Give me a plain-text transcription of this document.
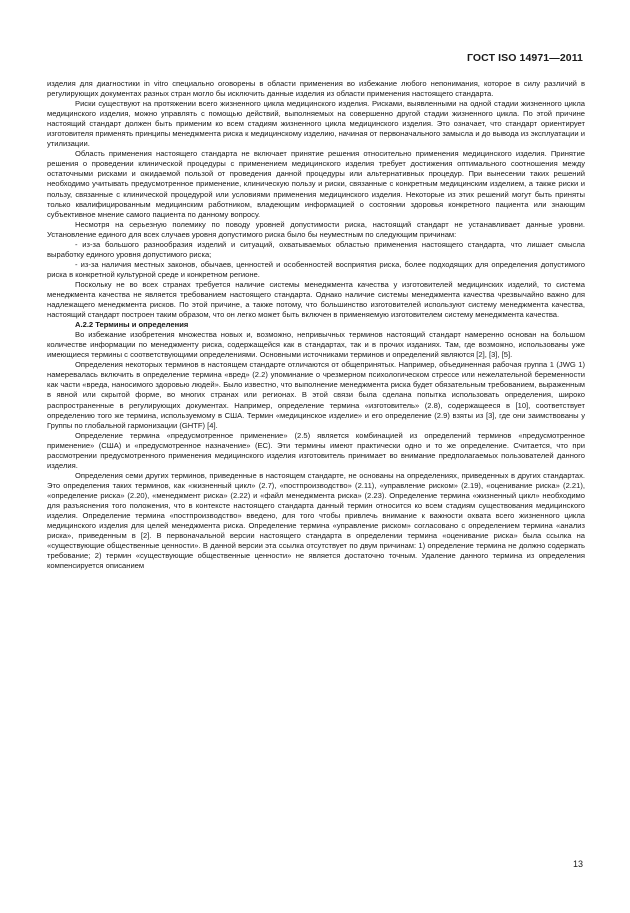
ГОСТ ISO 14971—2011

изделия для диагностики in vitro специально оговорены в области применения во избежание любого непонимания, которое в силу различий в регулирующих документах разных стран могло бы исключить данные изделия из области применения настоящего стандарта.

Риски существуют на протяжении всего жизненного цикла медицинского изделия. Рисками, выявленными на одной стадии жизненного цикла медицинского изделия, можно управлять с помощью действий, выполняемых на совершенно другой стадии жизненного цикла. По этой причине настоящий стандарт должен быть применим ко всем стадиям жизненного цикла медицинского изделия. Это означает, что стандарт ориентирует изготовителя применять принципы менеджмента риска к медицинскому изделию, начиная от первоначального замысла и до вывода из эксплуатации и утилизации.

Область применения настоящего стандарта не включает принятие решения относительно применения медицинского изделия. Принятие решения о проведении клинической процедуры с применением медицинского изделия требует достижения оптимального соотношения между остаточными рисками и ожидаемой пользой от проведения данной процедуры или альтернативных процедур. При вынесении таких решений необходимо учитывать предусмотренное применение, клиническую пользу и риски, связанные с конкретным медицинским изделием, а также риски и пользу, связанные с клинической процедурой или условиями применения медицинского изделия. Некоторые из этих решений могут быть приняты только квалифицированным медицинским работником, владеющим информацией о состоянии здоровья конкретного пациента или знающим субъективное мнение самого пациента по данному вопросу.

Несмотря на серьезную полемику по поводу уровней допустимости риска, настоящий стандарт не устанавливает данные уровни. Установление единого для всех случаев уровня допустимого риска было бы неуместным по следующим причинам:

- из-за большого разнообразия изделий и ситуаций, охватываемых областью применения настоящего стандарта, что лишает смысла выработку единого уровня допустимого риска;

- из-за наличия местных законов, обычаев, ценностей и особенностей восприятия риска, более подходящих для определения допустимого риска в конкретной культурной среде и конкретном регионе.

Поскольку не во всех странах требуется наличие системы менеджмента качества у изготовителей медицинских изделий, то система менеджмента качества не является требованием настоящего стандарта. Однако наличие системы менеджмента качества чрезвычайно важно для надлежащего менеджмента рисков. По этой причине, а также потому, что большинство изготовителей используют систему менеджмента качества, настоящий стандарт построен таким образом, что он легко может быть включен в применяемую изготовителем систему менеджмента качества.

А.2.2 Термины и определения

Во избежание изобретения множества новых и, возможно, непривычных терминов настоящий стандарт намеренно основан на большом количестве информации по менеджменту риска, содержащейся как в стандартах, так и в прочих изданиях. Там, где возможно, использованы уже имеющиеся термины с соответствующими определениями. Основными источниками терминов и определений являются [2], [3], [5].

Определения некоторых терминов в настоящем стандарте отличаются от общепринятых. Например, объединенная рабочая группа 1 (JWG 1) намеревалась включить в определение термина «вред» (2.2) упоминание о чрезмерном психологическом стрессе или нежелательной беременности как части «вреда, наносимого здоровью людей». Было известно, что выполнение менеджмента риска будет обязательным требованием, выраженным в явной или скрытой форме, во многих странах или регионах. В этой связи была сделана попытка использовать определения, широко распространенные в регулирующих документах. Например, определение термина «изготовитель» (2.8), содержащееся в [10], соответствует определению того же термина, используемому в США. Термин «медицинское изделие» и его определение (2.9) взяты из [3], где они заимствованы у Группы по глобальной гармонизации (GHTF) [4].

Определение термина «предусмотренное применение» (2.5) является комбинацией из определений терминов «предусмотренное применение» (США) и «предусмотренное назначение» (ЕС). Эти термины имеют практически одно и то же определение. Считается, что при рассмотрении предусмотренного применения медицинского изделия изготовитель принимает во внимание предполагаемых пользователей данного изделия.

Определения семи других терминов, приведенные в настоящем стандарте, не основаны на определениях, приведенных в других стандартах. Это определения таких терминов, как «жизненный цикл» (2.7), «постпроизводство» (2.11), «управление риском» (2.19), «оценивание риска» (2.21), «определение риска» (2.20), «менеджмент риска» (2.22) и «файл менеджмента риска» (2.23). Определение термина «жизненный цикл» необходимо для разъяснения того положения, что в контексте настоящего стандарта данный термин относится ко всем стадиям существования медицинского изделия. Определение термина «постпроизводство» введено, для того чтобы привлечь внимание к важности охвата всего жизненного цикла медицинского изделия для целей менеджмента риска. Определение термина «управление риском» согласовано с определением термина «анализ риска», приведенным в [2]. В первоначальной версии настоящего стандарта в определении термина «оценивание риска» была ссылка на «существующие общественные ценности». В данной версии эта ссылка отсутствует по двум причинам: 1) определение термина не должно содержать требование; 2) термин «существующие общественные ценности» не является достаточно точным. Удаление данного термина из определения компенсируется описанием

13
